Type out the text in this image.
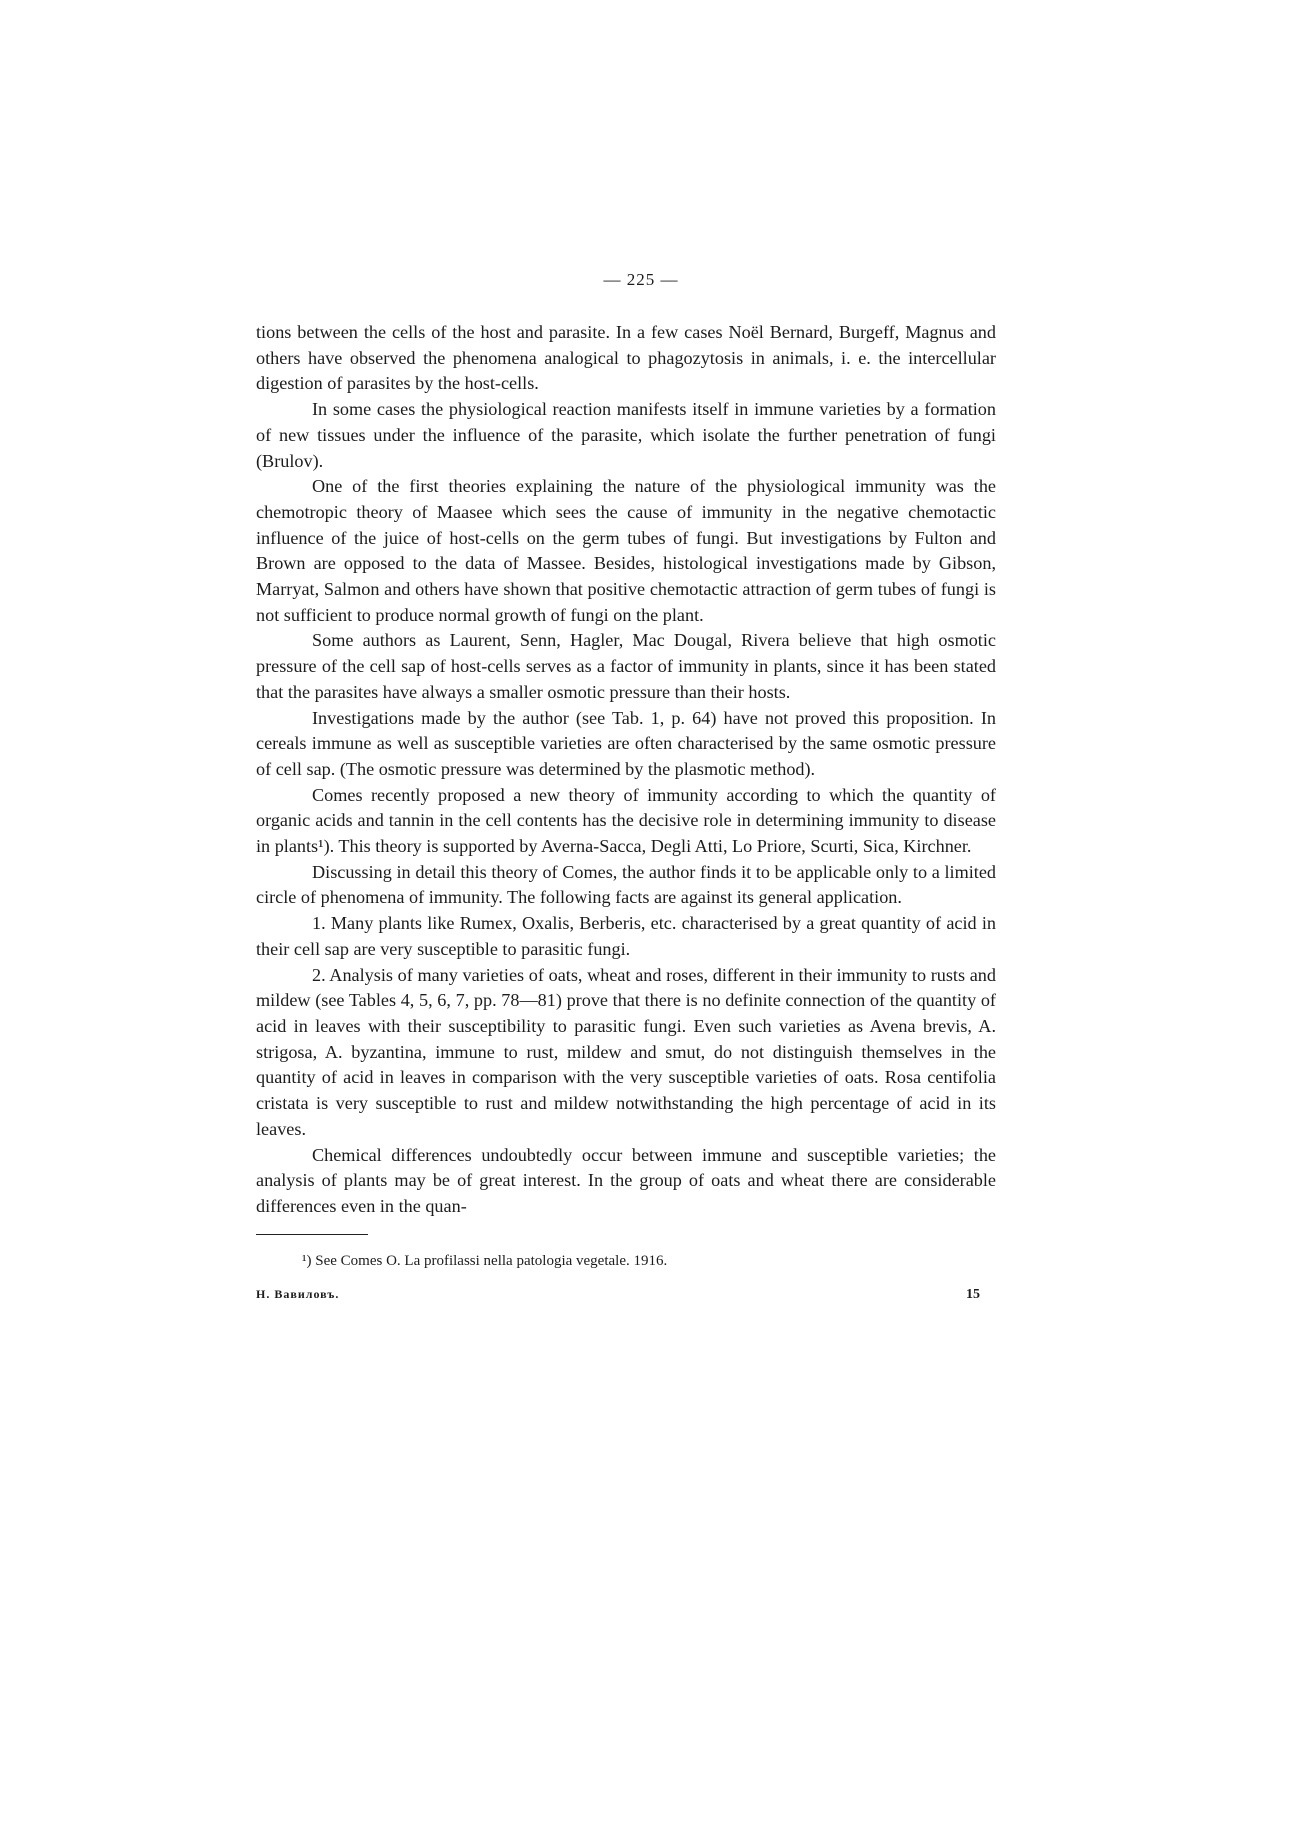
— 225 —

tions between the cells of the host and parasite. In a few cases Noël Bernard, Burgeff, Magnus and others have observed the phenomena analogical to phagozytosis in animals, i. e. the intercellular digestion of parasites by the host-cells.

In some cases the physiological reaction manifests itself in immune varieties by a formation of new tissues under the influence of the parasite, which isolate the further penetration of fungi (Brulov).

One of the first theories explaining the nature of the physiological immunity was the chemotropic theory of Maasee which sees the cause of immunity in the negative chemotactic influence of the juice of host-cells on the germ tubes of fungi. But investigations by Fulton and Brown are opposed to the data of Massee. Besides, histological investigations made by Gibson, Marryat, Salmon and others have shown that positive chemotactic attraction of germ tubes of fungi is not sufficient to produce normal growth of fungi on the plant.

Some authors as Laurent, Senn, Hagler, Mac Dougal, Rivera believe that high osmotic pressure of the cell sap of host-cells serves as a factor of immunity in plants, since it has been stated that the parasites have always a smaller osmotic pressure than their hosts.

Investigations made by the author (see Tab. 1, p. 64) have not proved this proposition. In cereals immune as well as susceptible varieties are often characterised by the same osmotic pressure of cell sap. (The osmotic pressure was determined by the plasmotic method).

Comes recently proposed a new theory of immunity according to which the quantity of organic acids and tannin in the cell contents has the decisive role in determining immunity to disease in plants¹). This theory is supported by Averna-Sacca, Degli Atti, Lo Priore, Scurti, Sica, Kirchner.

Discussing in detail this theory of Comes, the author finds it to be applicable only to a limited circle of phenomena of immunity. The following facts are against its general application.

1. Many plants like Rumex, Oxalis, Berberis, etc. characterised by a great quantity of acid in their cell sap are very susceptible to parasitic fungi.

2. Analysis of many varieties of oats, wheat and roses, different in their immunity to rusts and mildew (see Tables 4, 5, 6, 7, pp. 78—81) prove that there is no definite connection of the quantity of acid in leaves with their susceptibility to parasitic fungi. Even such varieties as Avena brevis, A. strigosa, A. byzantina, immune to rust, mildew and smut, do not distinguish themselves in the quantity of acid in leaves in comparison with the very susceptible varieties of oats. Rosa centifolia cristata is very susceptible to rust and mildew notwithstanding the high percentage of acid in its leaves.

Chemical differences undoubtedly occur between immune and susceptible varieties; the analysis of plants may be of great interest. In the group of oats and wheat there are considerable differences even in the quan-

¹) See Comes O. La profilassi nella patologia vegetale. 1916.
Н. Вавиловъ.	15
